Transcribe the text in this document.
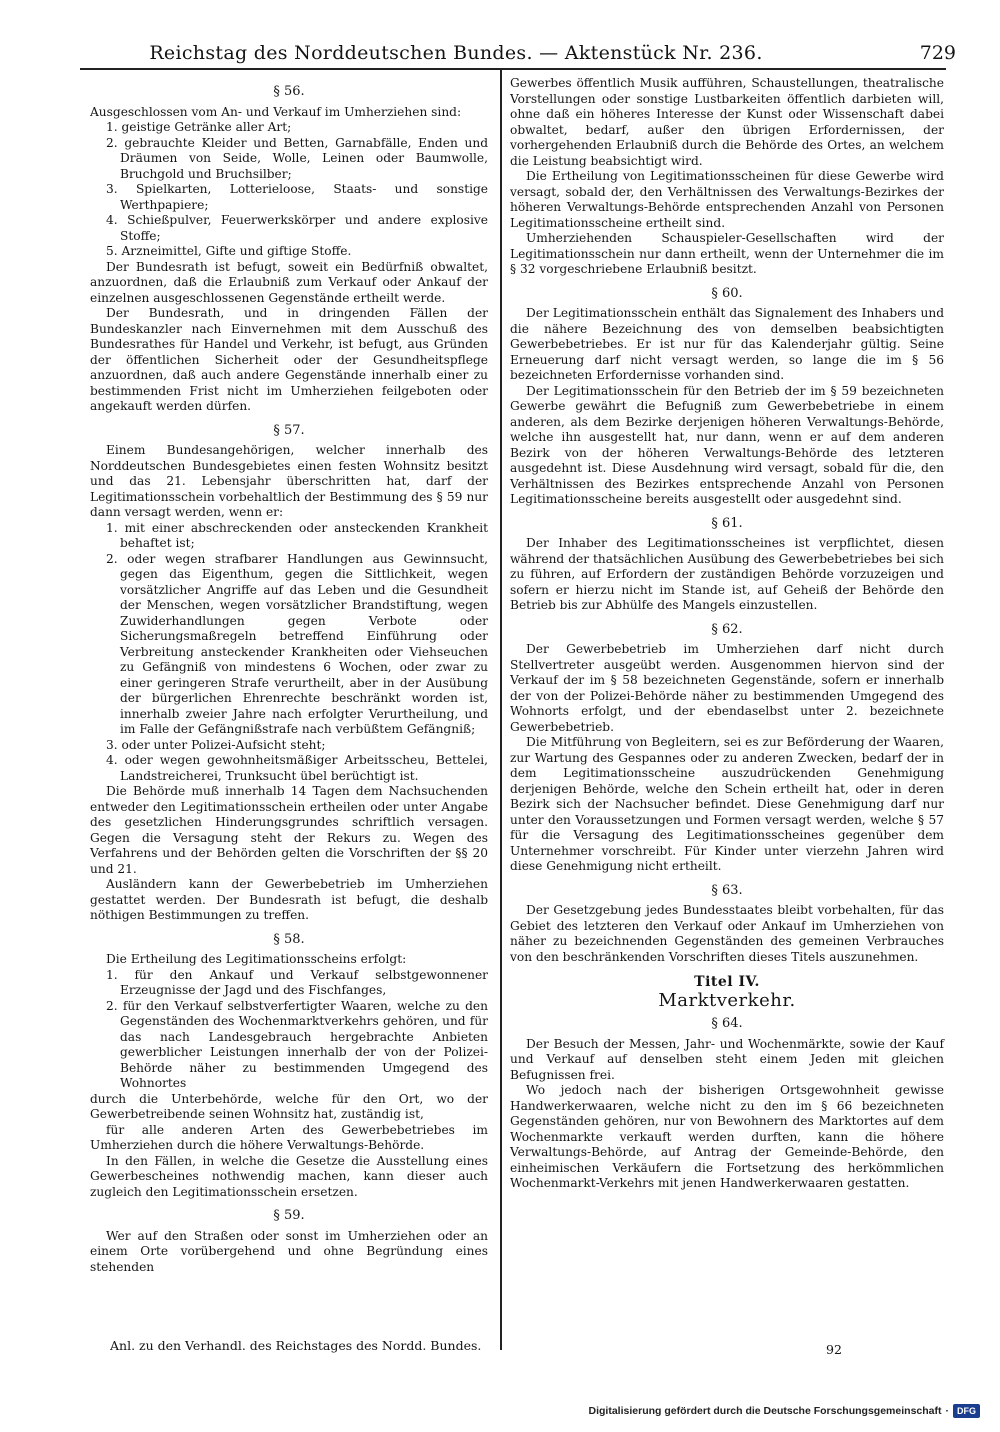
Reichstag des Norddeutschen Bundes. — Aktenstück Nr. 236.	729
§ 56.

Ausgeschlossen vom An- und Verkauf im Umherziehen sind:

1. geistige Getränke aller Art;

2. gebrauchte Kleider und Betten, Garnabfälle, Enden und Dräumen von Seide, Wolle, Leinen oder Baumwolle, Bruchgold und Bruchsilber;

3. Spielkarten, Lotterieloose, Staats- und sonstige Werthpapiere;

4. Schießpulver, Feuerwerkskörper und andere explosive Stoffe;

5. Arzneimittel, Gifte und giftige Stoffe.

Der Bundesrath ist befugt, soweit ein Bedürfniß obwaltet, anzuordnen, daß die Erlaubniß zum Verkauf oder Ankauf der einzelnen ausgeschlossenen Gegenstände ertheilt werde.

Der Bundesrath, und in dringenden Fällen der Bundeskanzler nach Einvernehmen mit dem Ausschuß des Bundesrathes für Handel und Verkehr, ist befugt, aus Gründen der öffentlichen Sicherheit oder der Gesundheitspflege anzuordnen, daß auch andere Gegenstände innerhalb einer zu bestimmenden Frist nicht im Umherziehen feilgeboten oder angekauft werden dürfen.

§ 57.

Einem Bundesangehörigen, welcher innerhalb des Norddeutschen Bundesgebietes einen festen Wohnsitz besitzt und das 21. Lebensjahr überschritten hat, darf der Legitimationsschein vorbehaltlich der Bestimmung des § 59 nur dann versagt werden, wenn er:

1. mit einer abschreckenden oder ansteckenden Krankheit behaftet ist;

2. oder wegen strafbarer Handlungen aus Gewinnsucht, gegen das Eigenthum, gegen die Sittlichkeit, wegen vorsätzlicher Angriffe auf das Leben und die Gesundheit der Menschen, wegen vorsätzlicher Brandstiftung, wegen Zuwiderhandlungen gegen Verbote oder Sicherungsmaßregeln betreffend Einführung oder Verbreitung ansteckender Krankheiten oder Viehseuchen zu Gefängniß von mindestens 6 Wochen, oder zwar zu einer geringeren Strafe verurtheilt, aber in der Ausübung der bürgerlichen Ehrenrechte beschränkt worden ist, innerhalb zweier Jahre nach erfolgter Verurtheilung, und im Falle der Gefängnißstrafe nach verbüßtem Gefängniß;

3. oder unter Polizei-Aufsicht steht;

4. oder wegen gewohnheitsmäßiger Arbeitsscheu, Bettelei, Landstreicherei, Trunksucht übel berüchtigt ist.

Die Behörde muß innerhalb 14 Tagen dem Nachsuchenden entweder den Legitimationsschein ertheilen oder unter Angabe des gesetzlichen Hinderungsgrundes schriftlich versagen. Gegen die Versagung steht der Rekurs zu. Wegen des Verfahrens und der Behörden gelten die Vorschriften der §§ 20 und 21.

Ausländern kann der Gewerbebetrieb im Umherziehen gestattet werden. Der Bundesrath ist befugt, die deshalb nöthigen Bestimmungen zu treffen.

§ 58.

Die Ertheilung des Legitimationsscheins erfolgt:

1. für den Ankauf und Verkauf selbstgewonnener Erzeugnisse der Jagd und des Fischfanges,

2. für den Verkauf selbstverfertigter Waaren, welche zu den Gegenständen des Wochenmarktverkehrs gehören, und für das nach Landesgebrauch hergebrachte Anbieten gewerblicher Leistungen innerhalb der von der Polizei-Behörde näher zu bestimmenden Umgegend des Wohnortes

durch die Unterbehörde, welche für den Ort, wo der Gewerbetreibende seinen Wohnsitz hat, zuständig ist,

für alle anderen Arten des Gewerbebetriebes im Umherziehen durch die höhere Verwaltungs-Behörde.

In den Fällen, in welche die Gesetze die Ausstellung eines Gewerbescheines nothwendig machen, kann dieser auch zugleich den Legitimationsschein ersetzen.

§ 59.

Wer auf den Straßen oder sonst im Umherziehen oder an einem Orte vorübergehend und ohne Begründung eines stehenden

Gewerbes öffentlich Musik aufführen, Schaustellungen, theatralische Vorstellungen oder sonstige Lustbarkeiten öffentlich darbieten will, ohne daß ein höheres Interesse der Kunst oder Wissenschaft dabei obwaltet, bedarf, außer den übrigen Erfordernissen, der vorhergehenden Erlaubniß durch die Behörde des Ortes, an welchem die Leistung beabsichtigt wird.

Die Ertheilung von Legitimationsscheinen für diese Gewerbe wird versagt, sobald der, den Verhältnissen des Verwaltungs-Bezirkes der höheren Verwaltungs-Behörde entsprechenden Anzahl von Personen Legitimationsscheine ertheilt sind.

Umherziehenden Schauspieler-Gesellschaften wird der Legitimationsschein nur dann ertheilt, wenn der Unternehmer die im § 32 vorgeschriebene Erlaubniß besitzt.

§ 60.

Der Legitimationsschein enthält das Signalement des Inhabers und die nähere Bezeichnung des von demselben beabsichtigten Gewerbebetriebes. Er ist nur für das Kalenderjahr gültig. Seine Erneuerung darf nicht versagt werden, so lange die im § 56 bezeichneten Erfordernisse vorhanden sind.

Der Legitimationsschein für den Betrieb der im § 59 bezeichneten Gewerbe gewährt die Befugniß zum Gewerbebetriebe in einem anderen, als dem Bezirke derjenigen höheren Verwaltungs-Behörde, welche ihn ausgestellt hat, nur dann, wenn er auf dem anderen Bezirk von der höheren Verwaltungs-Behörde des letzteren ausgedehnt ist. Diese Ausdehnung wird versagt, sobald für die, den Verhältnissen des Bezirkes entsprechende Anzahl von Personen Legitimationsscheine bereits ausgestellt oder ausgedehnt sind.

§ 61.

Der Inhaber des Legitimationsscheines ist verpflichtet, diesen während der thatsächlichen Ausübung des Gewerbebetriebes bei sich zu führen, auf Erfordern der zuständigen Behörde vorzuzeigen und sofern er hierzu nicht im Stande ist, auf Geheiß der Behörde den Betrieb bis zur Abhülfe des Mangels einzustellen.

§ 62.

Der Gewerbebetrieb im Umherziehen darf nicht durch Stellvertreter ausgeübt werden. Ausgenommen hiervon sind der Verkauf der im § 58 bezeichneten Gegenstände, sofern er innerhalb der von der Polizei-Behörde näher zu bestimmenden Umgegend des Wohnorts erfolgt, und der ebendaselbst unter 2. bezeichnete Gewerbebetrieb.

Die Mitführung von Begleitern, sei es zur Beförderung der Waaren, zur Wartung des Gespannes oder zu anderen Zwecken, bedarf der in dem Legitimationsscheine auszudrückenden Genehmigung derjenigen Behörde, welche den Schein ertheilt hat, oder in deren Bezirk sich der Nachsucher befindet. Diese Genehmigung darf nur unter den Voraussetzungen und Formen versagt werden, welche § 57 für die Versagung des Legitimationsscheines gegenüber dem Unternehmer vorschreibt. Für Kinder unter vierzehn Jahren wird diese Genehmigung nicht ertheilt.

§ 63.

Der Gesetzgebung jedes Bundesstaates bleibt vorbehalten, für das Gebiet des letzteren den Verkauf oder Ankauf im Umherziehen von näher zu bezeichnenden Gegenständen des gemeinen Verbrauches von den beschränkenden Vorschriften dieses Titels auszunehmen.

Titel IV.
Marktverkehr.
§ 64.

Der Besuch der Messen, Jahr- und Wochenmärkte, sowie der Kauf und Verkauf auf denselben steht einem Jeden mit gleichen Befugnissen frei.

Wo jedoch nach der bisherigen Ortsgewohnheit gewisse Handwerkerwaaren, welche nicht zu den im § 66 bezeichneten Gegenständen gehören, nur von Bewohnern des Marktortes auf dem Wochenmarkte verkauft werden durften, kann die höhere Verwaltungs-Behörde, auf Antrag der Gemeinde-Behörde, den einheimischen Verkäufern die Fortsetzung des herkömmlichen Wochenmarkt-Verkehrs mit jenen Handwerkerwaaren gestatten.

Anl. zu den Verhandl. des Reichstages des Nordd. Bundes.	92
Digitalisierung gefördert durch die Deutsche Forschungsgemeinschaft · DFG
